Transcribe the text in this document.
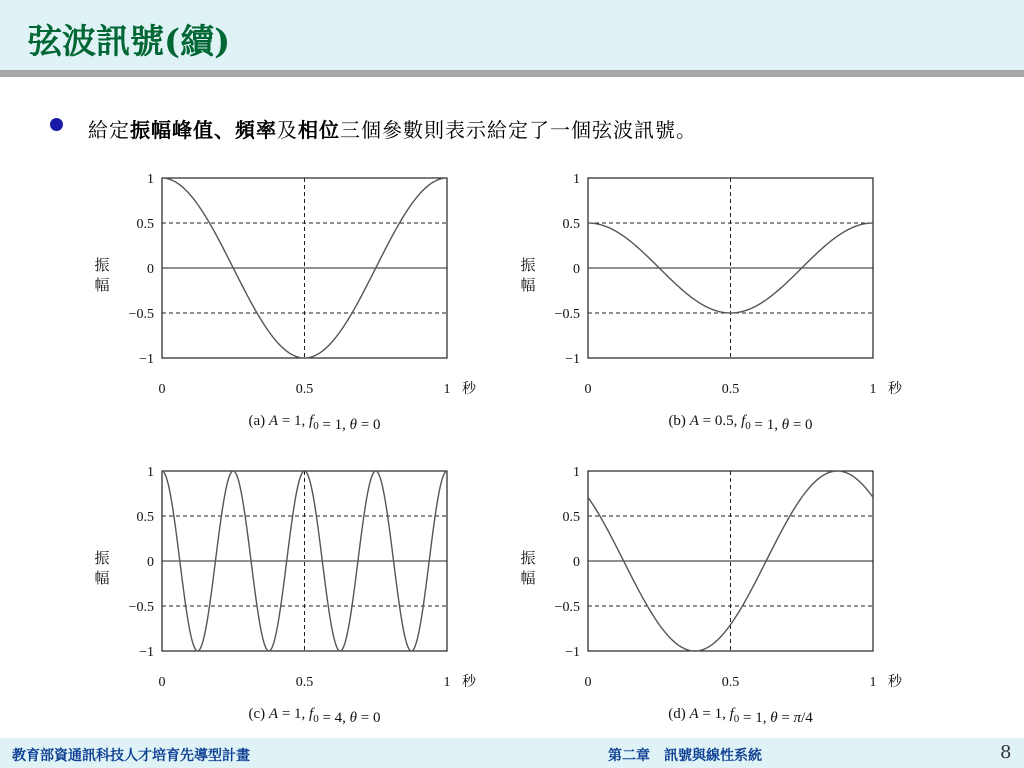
弦波訊號(續)
給定振幅峰值、頻率及相位三個參數則表示給定了一個弦波訊號。
1
0.5
0
−0.5
−1
0	0.5	1 秒
振
幅
(a) A = 1, $f_0 = 1$, θ = 0
1
0.5
0
−0.5
−1
0	0.5	1 秒
振
幅
(b) A = 0.5, $f_0 = 1$, θ = 0
1
0.5
0
−0.5
−1
0	0.5	1 秒
振
幅
(c) A = 1, $f_0 = 4$, θ = 0
1
0.5
0
−0.5
−1
0	0.5	1 秒
振
幅
(d) A = 1, $f_0 = 1$, θ = π/4
教育部資通訊科技人才培育先導型計畫	第二章　訊號與線性系統	8
